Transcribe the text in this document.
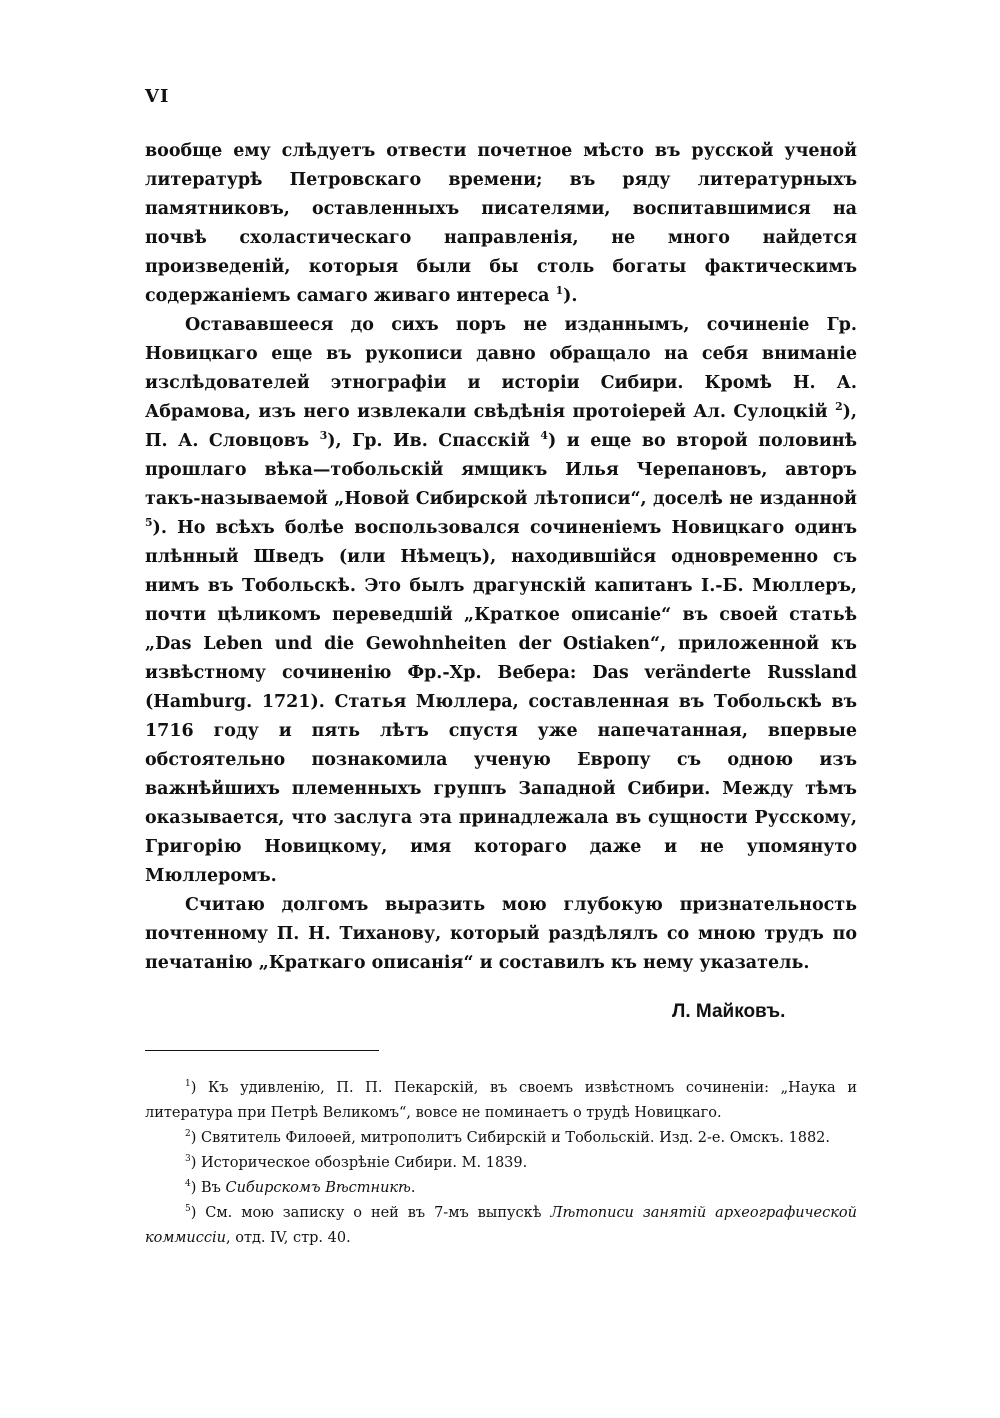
VI

вообще ему слѣдуетъ отвести почетное мѣсто въ русской ученой литературѣ Петровскаго времени; въ ряду литературныхъ памятниковъ, оставленныхъ писателями, воспитавшимися на почвѣ схоластическаго направленія, не много найдется произведеній, которыя были бы столь богаты фактическимъ содержаніемъ самаго живаго интереса $^1$).

Остававшееся до сихъ поръ не изданнымъ, сочиненіе Гр. Новицкаго еще въ рукописи давно обращало на себя вниманіе изслѣдователей этнографіи и исторіи Сибири. Кромѣ Н. А. Абрамова, изъ него извлекали свѣдѣнія протоіерей Ал. Сулоцкій $^2$), П. А. Словцовъ $^3$), Гр. Ив. Спасскій $^4$) и еще во второй половинѣ прошлаго вѣка—тобольскій ямщикъ Илья Черепановъ, авторъ такъ-называемой „Новой Сибирской лѣтописи“, доселѣ не изданной $^5$). Но всѣхъ болѣе воспользовался сочиненіемъ Новицкаго одинъ плѣнный Шведъ (или Нѣмецъ), находившійся одновременно съ нимъ въ Тобольскѣ. Это былъ драгунскій капитанъ І.-Б. Мюллеръ, почти цѣликомъ переведшій „Краткое описаніе“ въ своей статьѣ „Das Leben und die Gewohnheiten der Ostiaken“, приложенной къ извѣстному сочиненію Фр.-Хр. Вебера: Das veränderte Russland (Hamburg. 1721). Статья Мюллера, составленная въ Тобольскѣ въ 1716 году и пять лѣтъ спустя уже напечатанная, впервые обстоятельно познакомила ученую Европу съ одною изъ важнѣйшихъ племенныхъ группъ Западной Сибири. Между тѣмъ оказывается, что заслуга эта принадлежала въ сущности Русскому, Григорію Новицкому, имя котораго даже и не упомянуто Мюллеромъ.

Считаю долгомъ выразить мою глубокую признательность почтенному П. Н. Тиханову, который раздѣлялъ со мною трудъ по печатанію „Краткаго описанія“ и составилъ къ нему указатель.

Л. Майковъ.

$^1$) Къ удивленію, П. П. Пекарскій, въ своемъ извѣстномъ сочиненіи: „Наука и литература при Петрѣ Великомъ“, вовсе не поминаетъ о трудѣ Новицкаго.

$^2$) Святитель Филоѳей, митрополитъ Сибирскій и Тобольскій. Изд. 2-е. Омскъ. 1882.

$^3$) Историческое обозрѣніе Сибири. М. 1839.

$^4$) Въ Сибирскомъ Вѣстникѣ.

$^5$) См. мою записку о ней въ 7-мъ выпускѣ Лѣтописи занятій археографической коммиссіи, отд. IV, стр. 40.
